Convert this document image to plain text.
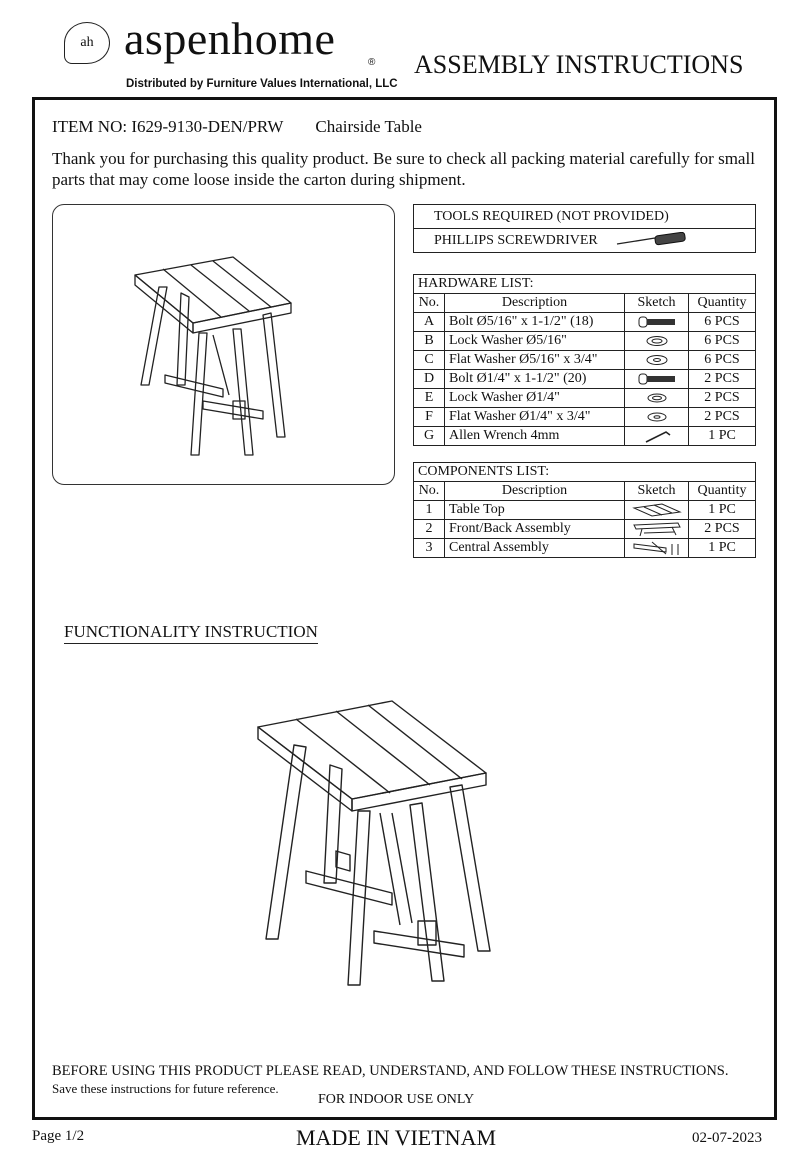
ah aspenhome	®
Distributed by Furniture Values International, LLC
ASSEMBLY INSTRUCTIONS
ITEM NO: I629-9130-DEN/PRW Chairside Table
Thank you for purchasing this quality product. Be sure to check all packing material carefully for small parts that may come loose inside the carton during shipment.
TOOLS REQUIRED (NOT PROVIDED)
PHILLIPS SCREWDRIVER
HARDWARE LIST:			
No.	Description	Sketch	Quantity
A	Bolt Ø5/16" x 1-1/2" (18)		6 PCS
B	Lock Washer Ø5/16"		6 PCS
C	Flat Washer Ø5/16" x 3/4"		6 PCS
D	Bolt Ø1/4" x 1-1/2" (20)		2 PCS
E	Lock Washer Ø1/4"		2 PCS
F	Flat Washer Ø1/4" x 3/4"		2 PCS
G	Allen Wrench 4mm		1 PC
COMPONENTS LIST:			
No.	Description	Sketch	Quantity
1	Table Top		1 PC
2	Front/Back Assembly		2 PCS
3	Central Assembly		1 PC
FUNCTIONALITY INSTRUCTION
BEFORE USING THIS PRODUCT PLEASE READ, UNDERSTAND, AND FOLLOW THESE INSTRUCTIONS.
Save these instructions for future reference.
FOR INDOOR USE ONLY
Page 1/2	MADE IN VIETNAM	02-07-2023
